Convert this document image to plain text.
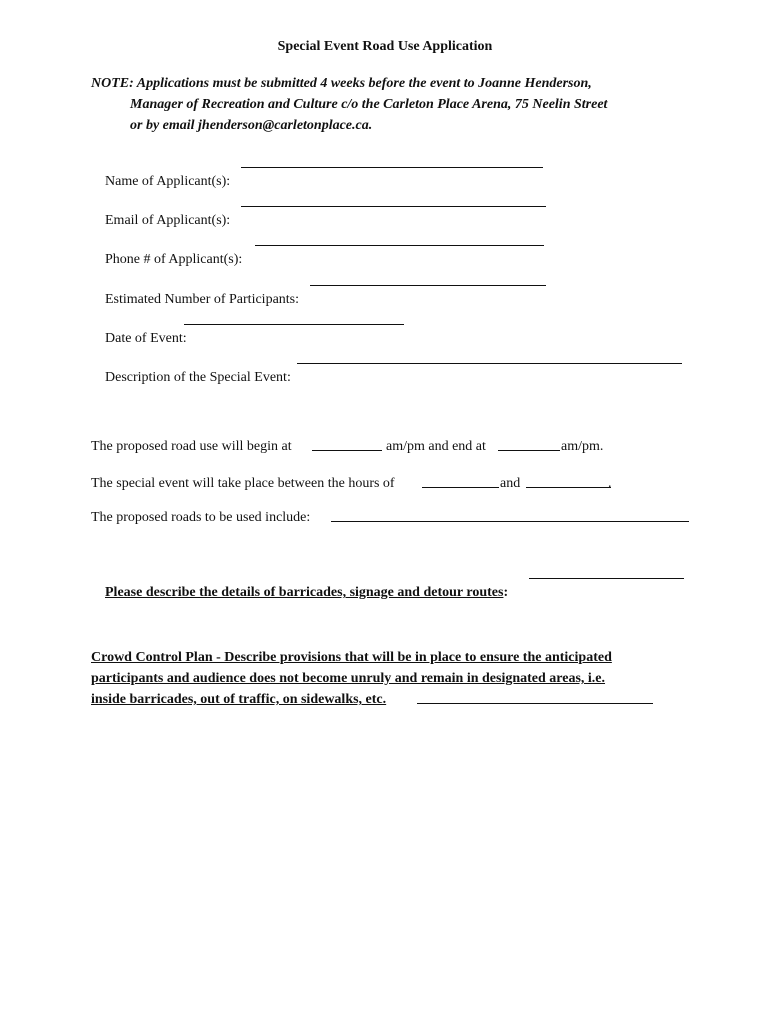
Special Event Road Use Application
NOTE: Applications must be submitted 4 weeks before the event to Joanne Henderson,
Manager of Recreation and Culture c/o the Carleton Place Arena, 75 Neelin Street
or by email jhenderson@carletonplace.ca.

Name of Applicant(s):

Email of Applicant(s):

Phone # of Applicant(s):

Estimated Number of Participants:

Date of Event:

Description of the Special Event:

The proposed road use will begin at	am/pm and end at	am/pm.
The special event will take place between the hours of	and	.
The proposed roads to be used include:

Please describe the details of barricades, signage and detour routes:

Crowd Control Plan - Describe provisions that will be in place to ensure the anticipated
participants and audience does not become unruly and remain in designated areas, i.e.
inside barricades, out of traffic, on sidewalks, etc.
